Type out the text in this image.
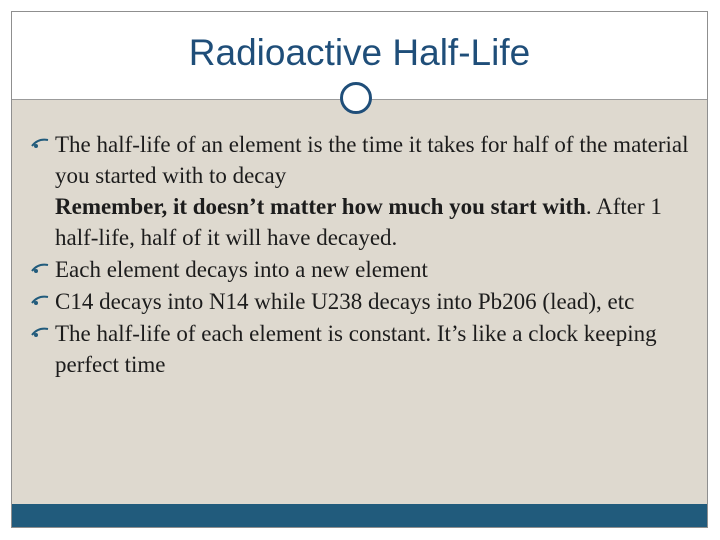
Radioactive Half-Life
The half-life of an element is the time it takes for half of the material you started with to decay
Remember, it doesn’t matter how much you start with. After 1 half-life, half of it will have decayed.
Each element decays into a new element
C14 decays into N14 while U238 decays into Pb206 (lead), etc
The half-life of each element is constant. It’s like a clock keeping perfect time
